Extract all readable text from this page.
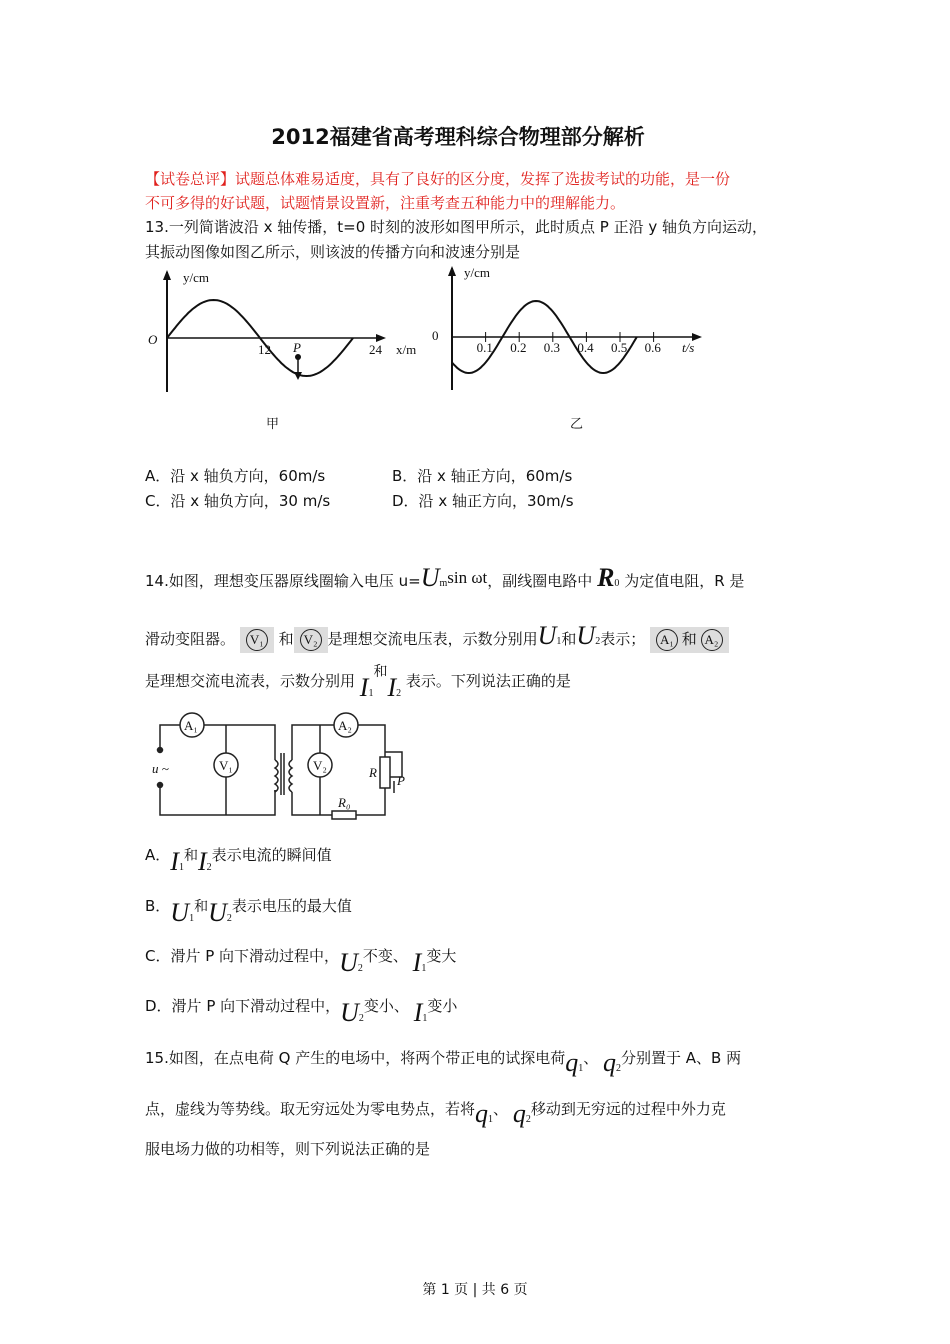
2012福建省高考理科综合物理部分解析
【试卷总评】试题总体难易适度，具有了良好的区分度，发挥了选拔考试的功能，是一份
不可多得的好试题，试题情景设置新，注重考查五种能力中的理解能力。
13.一列简谐波沿 x 轴传播，t=0 时刻的波形如图甲所示，此时质点 P 正沿 y 轴负方向运动，
其振动图像如图乙所示，则该波的传播方向和波速分别是
y/cm
O
12 P	24 x/m
甲
y/cm
0
0.1 0.2 0.3 0.4 0.5 0.6 t/s
乙
A．沿 x 轴负方向，60m/s	B．沿 x 轴正方向，60m/s
C．沿 x 轴负方向，30 m/s	D．沿 x 轴正方向，30m/s
14.如图，理想变压器原线圈输入电压 u=Umsin ωt，副线圈电路中 R0 为定值电阻，R 是
滑动变阻器。 V₁ 和 V₂ 是理想交流电压表，示数分别用U1和U2表示； A₁ 和 A₂
是理想交流电流表，示数分别用 $I_1$和$I_2$ 表示。下列说法正确的是
A₁	A₂
V₁	V₂
u ~	R
P
R₀
A．$I_1$和$I_2$表示电流的瞬间值
B．$U_1$和$U_2$表示电压的最大值
C．滑片 P 向下滑动过程中，$U_2$不变、 $I_1$变大
D．滑片 P 向下滑动过程中，$U_2$变小、 $I_1$变小
15.如图，在点电荷 Q 产生的电场中，将两个带正电的试探电荷$q_1$、 $q_2$分别置于 A、B 两
点，虚线为等势线。取无穷远处为零电势点，若将$q_1$、 $q_2$移动到无穷远的过程中外力克
服电场力做的功相等，则下列说法正确的是
第 1 页 | 共 6 页
